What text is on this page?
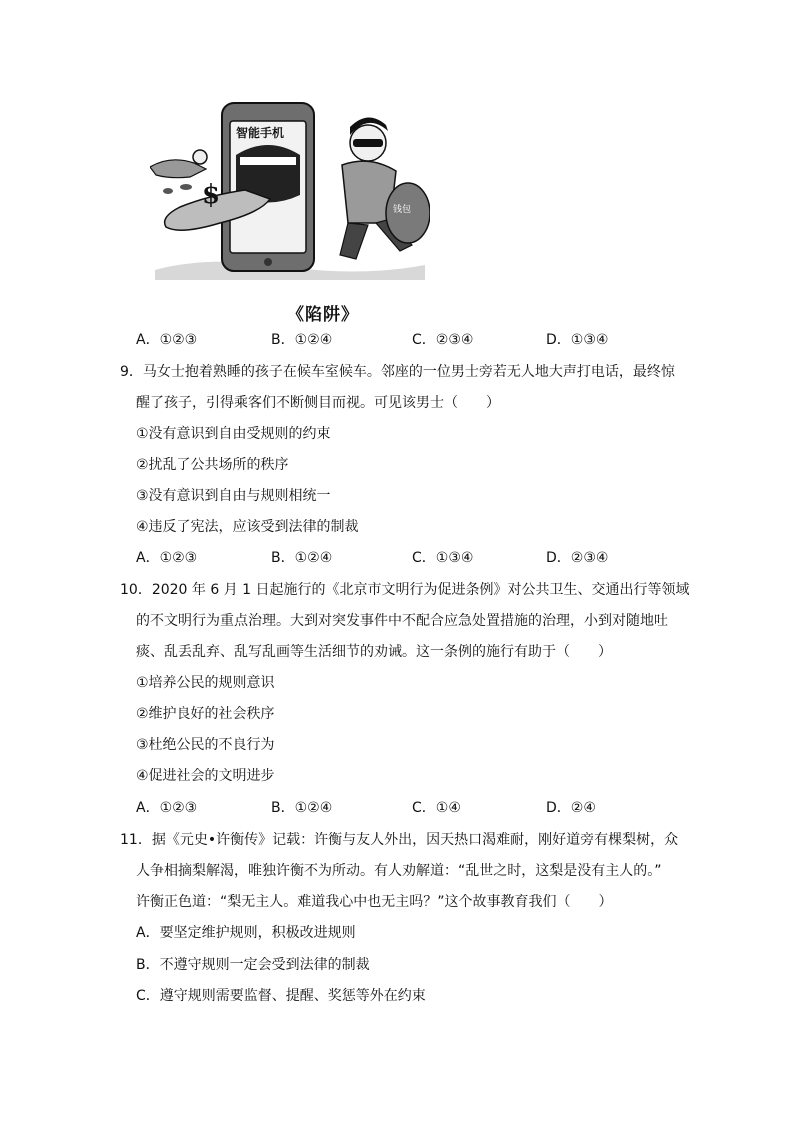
$	钱包
智能手机
《陷阱》
A．①②③	B．①②④	C．②③④	D．①③④
9．马女士抱着熟睡的孩子在候车室候车。邻座的一位男士旁若无人地大声打电话，最终惊
醒了孩子，引得乘客们不断侧目而视。可见该男士（　　）
①没有意识到自由受规则的约束
②扰乱了公共场所的秩序
③没有意识到自由与规则相统一
④违反了宪法，应该受到法律的制裁
A．①②③	B．①②④	C．①③④	D．②③④
10．2020 年 6 月 1 日起施行的《北京市文明行为促进条例》对公共卫生、交通出行等领域
的不文明行为重点治理。大到对突发事件中不配合应急处置措施的治理，小到对随地吐
痰、乱丢乱弃、乱写乱画等生活细节的劝诫。这一条例的施行有助于（　　）
①培养公民的规则意识
②维护良好的社会秩序
③杜绝公民的不良行为
④促进社会的文明进步
A．①②③	B．①②④	C．①④	D．②④
11．据《元史•许衡传》记载：许衡与友人外出，因天热口渴难耐，刚好道旁有棵梨树，众
人争相摘梨解渴，唯独许衡不为所动。有人劝解道：“乱世之时，这梨是没有主人的。”
许衡正色道：“梨无主人。难道我心中也无主吗？”这个故事教育我们（　　）
A．要坚定维护规则，积极改进规则
B．不遵守规则一定会受到法律的制裁
C．遵守规则需要监督、提醒、奖惩等外在约束
